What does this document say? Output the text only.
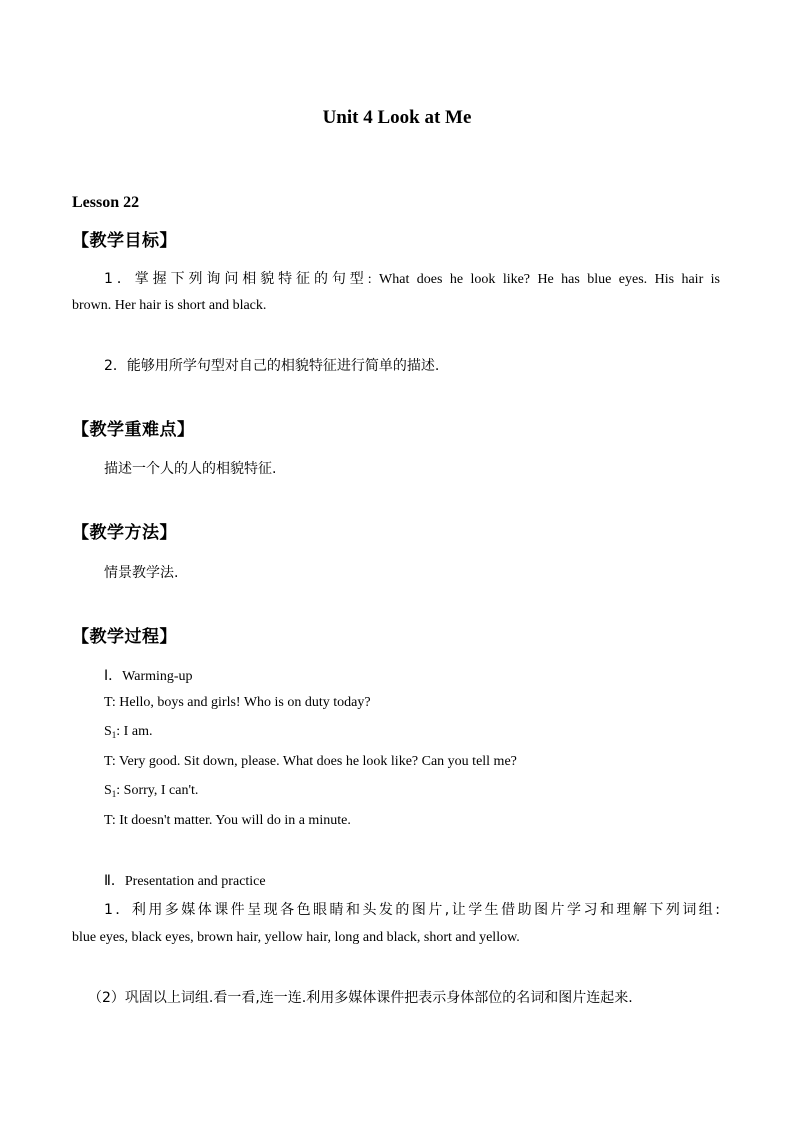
Unit 4 Look at Me
Lesson 22
【教学目标】
1．掌握下列询问相貌特征的句型: What does he look like? He has blue eyes. His hair is
brown. Her hair is short and black.
2．能够用所学句型对自己的相貌特征进行简单的描述.
【教学重难点】
描述一个人的人的相貌特征.
【教学方法】
情景教学法.
【教学过程】
Ⅰ．Warming-up
T: Hello, boys and girls! Who is on duty today?
$S_1$: I am.
T: Very good. Sit down, please. What does he look like? Can you tell me?
$S_1$: Sorry, I can't.
T: It doesn't matter. You will do in a minute.
Ⅱ．Presentation and practice
1．利用多媒体课件呈现各色眼睛和头发的图片,让学生借助图片学习和理解下列词组:
blue eyes, black eyes, brown hair, yellow hair, long and black, short and yellow.
（2）巩固以上词组.看一看,连一连.利用多媒体课件把表示身体部位的名词和图片连起来.
